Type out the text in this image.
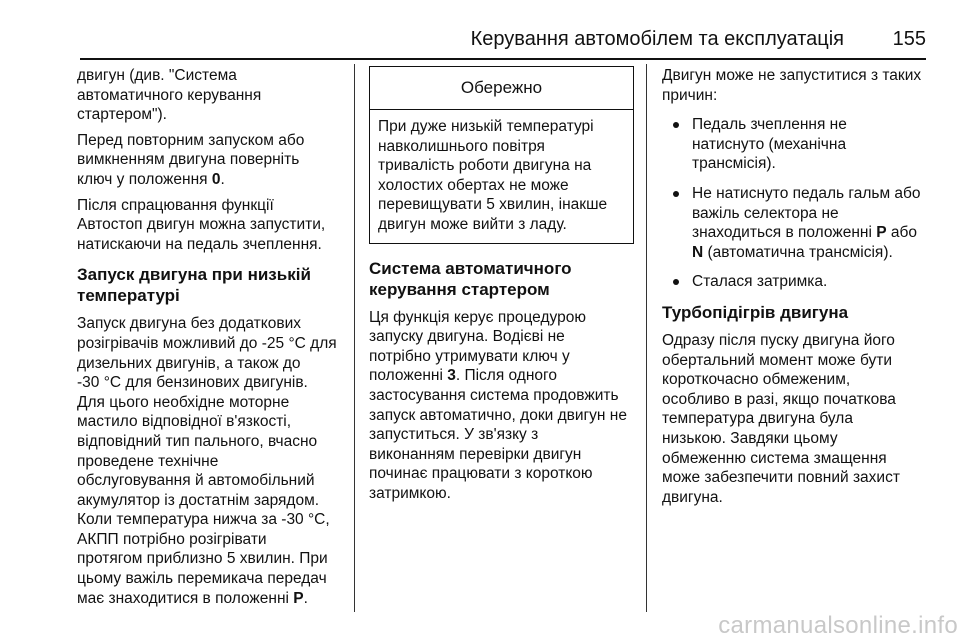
Керування автомобілем та експлуатація 155

двигун (див. "Система
автоматичного керування
стартером").

Перед повторним запуском або
вимкненням двигуна поверніть
ключ у положення 0.

Після спрацювання функції
Автостоп двигун можна запустити,
натискаючи на педаль зчеплення.

Запуск двигуна при низькій
температурі

Запуск двигуна без додаткових
розігрівачів можливий до -25 °C для
дизельних двигунів, а також до
-30 °C для бензинових двигунів.
Для цього необхідне моторне
мастило відповідної в'язкості,
відповідний тип пального, вчасно
проведене технічне
обслуговування й автомобільний
акумулятор із достатнім зарядом.
Коли температура нижча за -30 °C,
АКПП потрібно розігрівати
протягом приблизно 5 хвилин. При
цьому важіль перемикача передач
має знаходитися в положенні P.

Обережно
При дуже низькій температурі
навколишнього повітря
тривалість роботи двигуна на
холостих обертах не може
перевищувати 5 хвилин, інакше
двигун може вийти з ладу.
Система автоматичного
керування стартером

Ця функція керує процедурою
запуску двигуна. Водієві не
потрібно утримувати ключ у
положенні 3. Після одного
застосування система продовжить
запуск автоматично, доки двигун не
запуститься. У зв'язку з
виконанням перевірки двигун
починає працювати з короткою
затримкою.

Двигун може не запуститися з таких
причин:

Педаль зчеплення не
натиснуто (механічна
трансмісія).
Не натиснуто педаль гальм або
важіль селектора не
знаходиться в положенні P або
N (автоматична трансмісія).
Сталася затримка.
Турбопідігрів двигуна

Одразу після пуску двигуна його
обертальний момент може бути
короткочасно обмеженим,
особливо в разі, якщо початкова
температура двигуна була
низькою. Завдяки цьому
обмеженню система змащення
може забезпечити повний захист
двигуна.

carmanualsonline.info
